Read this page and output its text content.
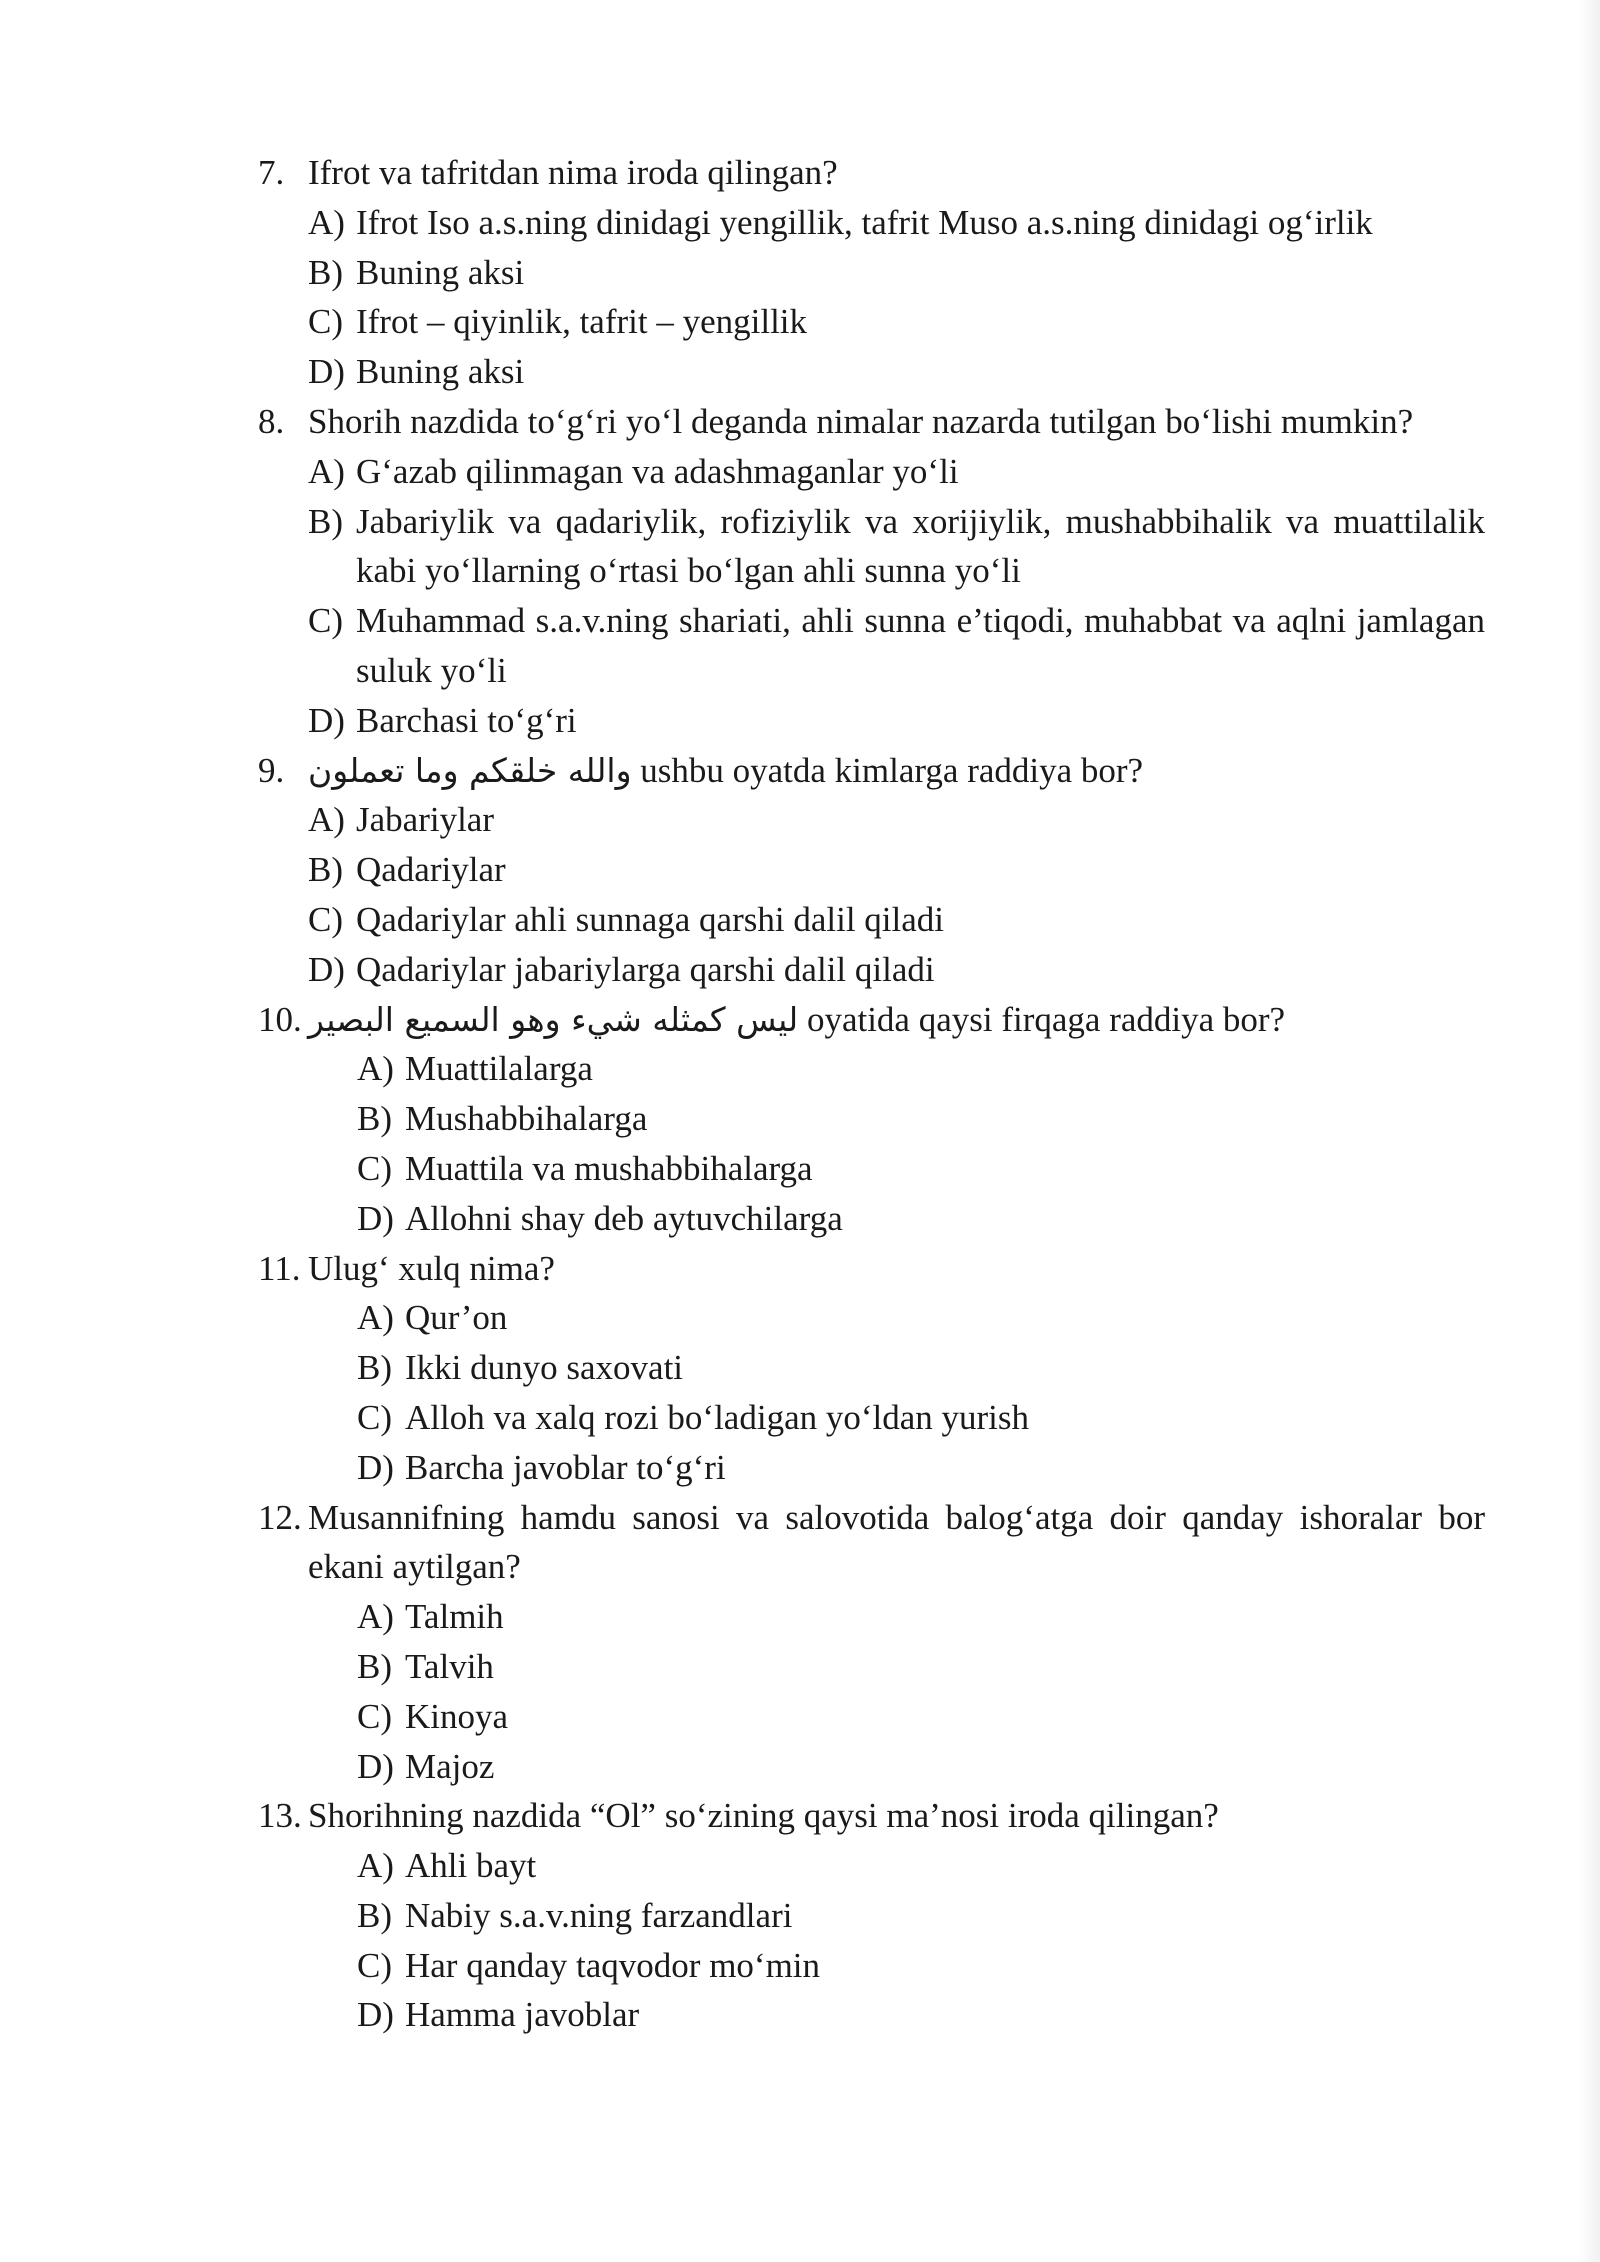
7. Ifrot va tafritdan nima iroda qilingan?
A) Ifrot Iso a.s.ning dinidagi yengillik, tafrit Muso a.s.ning dinidagi og‘irlik
B) Buning aksi
C) Ifrot – qiyinlik, tafrit – yengillik
D) Buning aksi
8. Shorih nazdida to‘g‘ri yo‘l deganda nimalar nazarda tutilgan bo‘lishi mumkin?
A) G‘azab qilinmagan va adashmaganlar yo‘li
B) Jabariylik va qadariylik, rofiziylik va xorijiylik, mushabbihalik va muattilalik kabi yo‘llarning o‘rtasi bo‘lgan ahli sunna yo‘li
C) Muhammad s.a.v.ning shariati, ahli sunna e’tiqodi, muhabbat va aqlni jamlagan suluk yo‘li
D) Barchasi to‘g‘ri
9. والله خلقكم وما تعملون ushbu oyatda kimlarga raddiya bor?
A) Jabariylar
B) Qadariylar
C) Qadariylar ahli sunnaga qarshi dalil qiladi
D) Qadariylar jabariylarga qarshi dalil qiladi
10. ليس كمثله شيء وهو السميع البصير oyatida qaysi firqaga raddiya bor?
A) Muattilalarga
B) Mushabbihalarga
C) Muattila va mushabbihalarga
D) Allohni shay deb aytuvchilarga
11. Ulug‘ xulq nima?
A) Qur’on
B) Ikki dunyo saxovati
C) Alloh va xalq rozi bo‘ladigan yo‘ldan yurish
D) Barcha javoblar to‘g‘ri
12. Musannifning hamdu sanosi va salovotida balog‘atga doir qanday ishoralar bor ekani aytilgan?
A) Talmih
B) Talvih
C) Kinoya
D) Majoz
13. Shorihning nazdida “Ol” so‘zining qaysi ma’nosi iroda qilingan?
A) Ahli bayt
B) Nabiy s.a.v.ning farzandlari
C) Har qanday taqvodor mo‘min
D) Hamma javoblar
